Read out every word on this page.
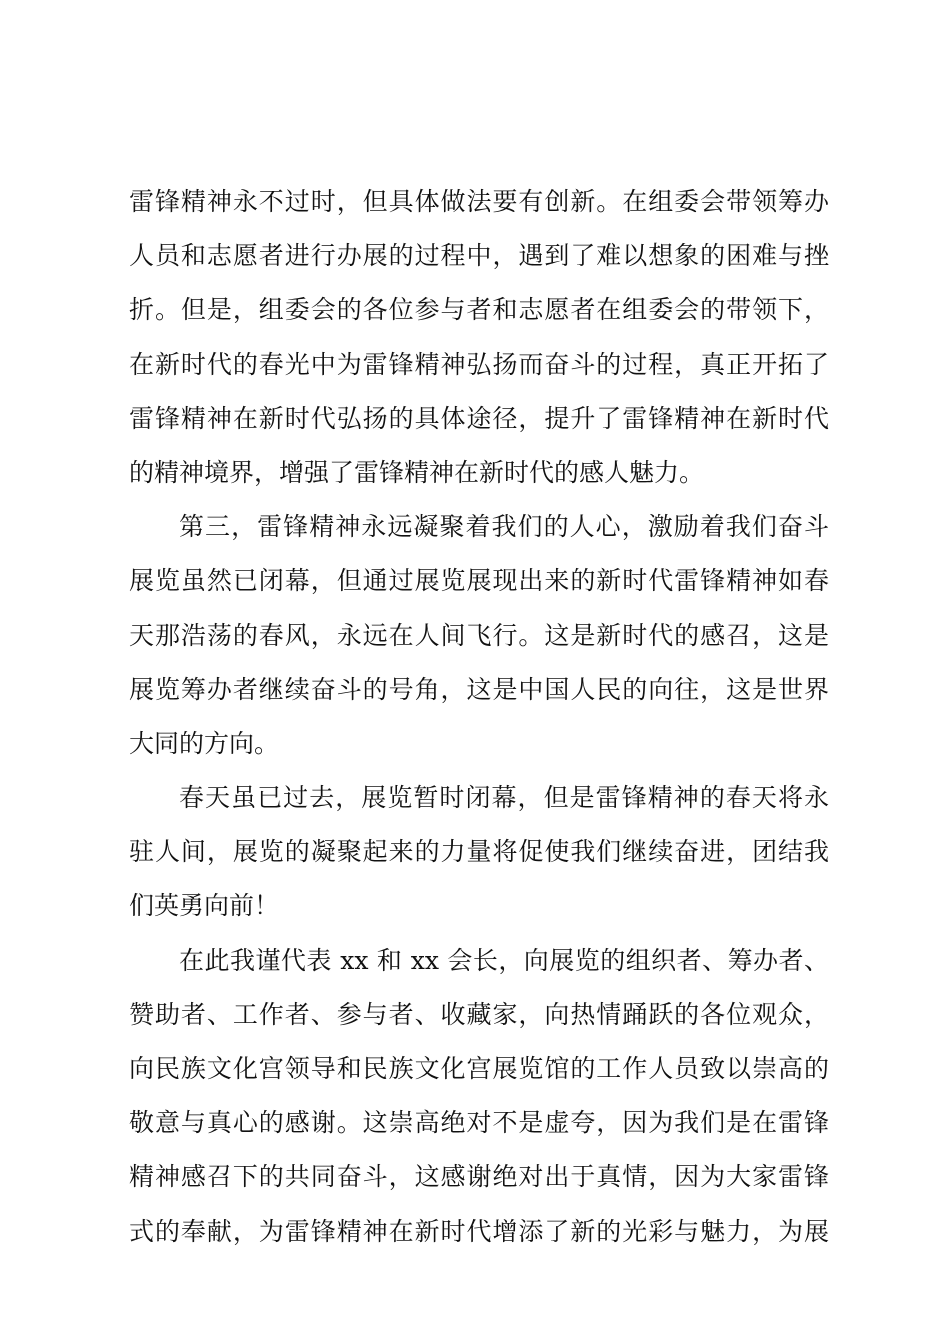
雷锋精神永不过时，但具体做法要有创新。在组委会带领筹办
人员和志愿者进行办展的过程中，遇到了难以想象的困难与挫
折。但是，组委会的各位参与者和志愿者在组委会的带领下，
在新时代的春光中为雷锋精神弘扬而奋斗的过程，真正开拓了
雷锋精神在新时代弘扬的具体途径，提升了雷锋精神在新时代
的精神境界，增强了雷锋精神在新时代的感人魅力。
第三，雷锋精神永远凝聚着我们的人心，激励着我们奋斗
展览虽然已闭幕，但通过展览展现出来的新时代雷锋精神如春
天那浩荡的春风，永远在人间飞行。这是新时代的感召，这是
展览筹办者继续奋斗的号角，这是中国人民的向往，这是世界
大同的方向。
春天虽已过去，展览暂时闭幕，但是雷锋精神的春天将永
驻人间，展览的凝聚起来的力量将促使我们继续奋进，团结我
们英勇向前！
在此我谨代表 xx 和 xx 会长，向展览的组织者、筹办者、
赞助者、工作者、参与者、收藏家，向热情踊跃的各位观众，
向民族文化宫领导和民族文化宫展览馆的工作人员致以崇高的
敬意与真心的感谢。这崇高绝对不是虚夸，因为我们是在雷锋
精神感召下的共同奋斗，这感谢绝对出于真情，因为大家雷锋
式的奉献，为雷锋精神在新时代增添了新的光彩与魅力，为展
